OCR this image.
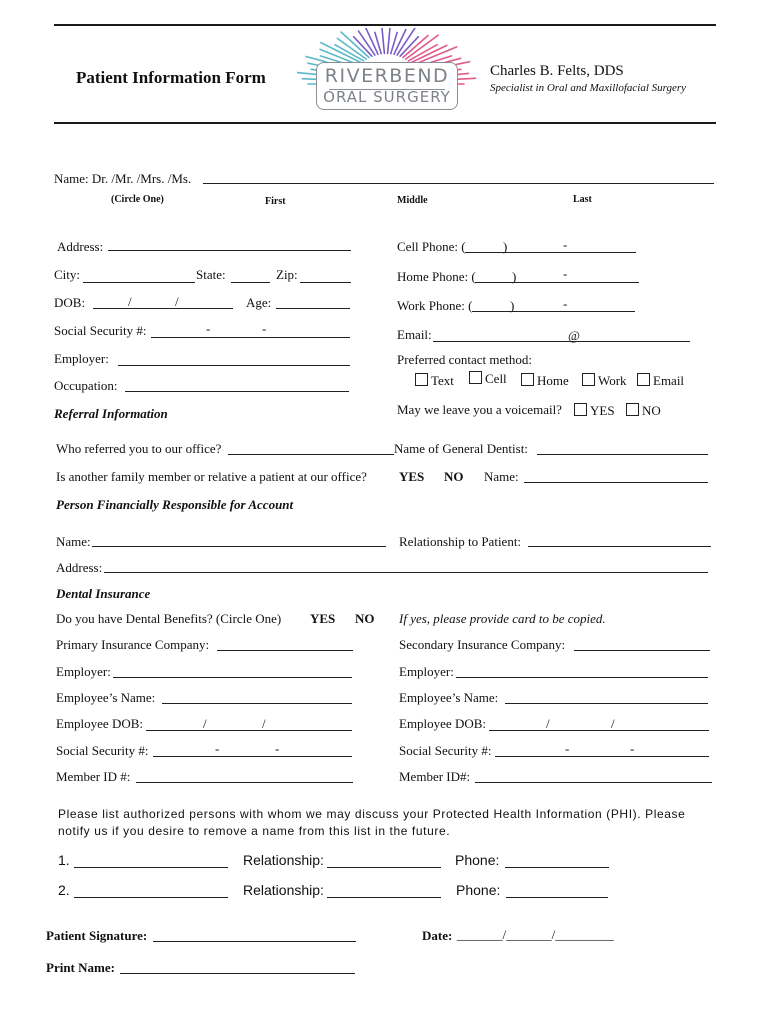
Patient Information Form	RIVERBEND
ORAL SURGERY
Charles B. Felts, DDS
Specialist in Oral and Maxillofacial Surgery
Name: Dr. /Mr. /Mrs. /Ms.
(Circle One)	First	Middle	Last
Address:
City:	State:	Zip:
DOB:	/	/	Age:
Social Security #:	-	-
Employer:
Occupation:
Referral Information
Cell Phone: (	)	-
Home Phone: (	)	-
Work Phone: (	)	-
Email:	@
Preferred contact method:
Text	Cell	Home	Work	Email
May we leave you a voicemail?	YES	NO
Who referred you to our office?	Name of General Dentist:
Is another family member or relative a patient at our office? YES NO Name:
Person Financially Responsible for Account
Name:	Relationship to Patient:
Address:
Dental Insurance
Do you have Dental Benefits? (Circle One) YES NO If yes, please provide card to be copied.
Primary Insurance Company:	Secondary Insurance Company:
Employer:	Employer:
Employee’s Name:	Employee’s Name:
Employee DOB:	/	/	Employee DOB:	/	/
Social Security #:	-	-	Social Security #:	-	-
Member ID #:	Member ID#:
Please list authorized persons with whom we may discuss your Protected Health Information (PHI). Please notify us if you desire to remove a name from this list in the future.
1.	Relationship:	Phone:
2.	Relationship:	Phone:
Patient Signature:	Date: _______/_______/_________
Print Name:
